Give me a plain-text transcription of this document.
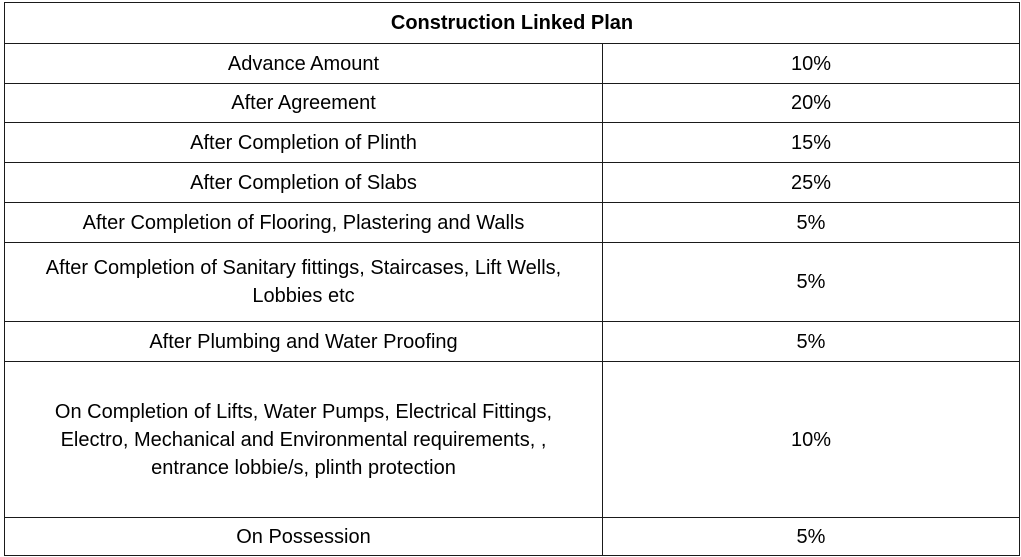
Construction Linked Plan	
Advance Amount	10%
After Agreement	20%
After Completion of Plinth	15%
After Completion of Slabs	25%
After Completion of Flooring, Plastering and Walls	5%
After Completion of Sanitary fittings, Staircases, Lift Wells, Lobbies etc	5%
After Plumbing and Water Proofing	5%
On Completion of Lifts, Water Pumps, Electrical Fittings, Electro, Mechanical and Environmental requirements, , entrance lobbie/s, plinth protection	10%
On Possession	5%
